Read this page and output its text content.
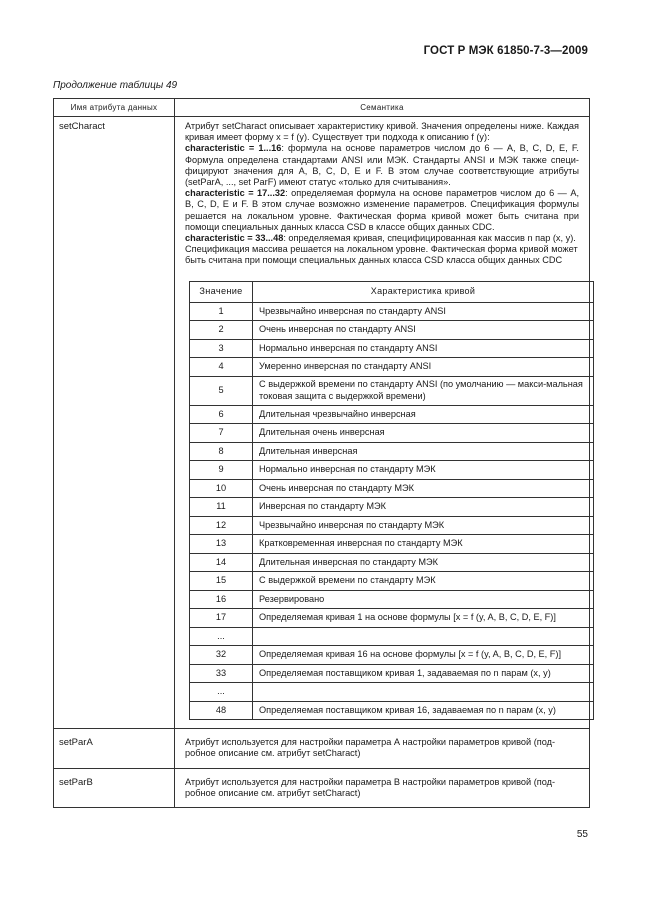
ГОСТ Р МЭК 61850-7-3—2009
Продолжение таблицы 49
Имя атрибута данных	Семантика
setCharact	Атрибут setCharact описывает характеристику кривой. Значения определены ниже. Каждая кривая имеет форму x = f (y). Существует три подхода к описанию f (y):

characteristic = 1...16: формула на основе параметров числом до 6 — А, В, С, D, E, F. Формула определена стандартами ANSI или МЭК. Стандарты ANSI и МЭК также специ-фицируют значения для А, В, С, D, E и F. В этом случае соответствующие атрибуты (setParA, ..., set ParF) имеют статус «только для считывания».

characteristic = 17...32: определяемая формула на основе параметров числом до 6 — А, В, С, D, E и F. В этом случае возможно изменение параметров. Спецификация формулы решается на локальном уровне. Фактическая форма кривой может быть считана при помощи специальных данных класса CSD в классе общих данных CDC.

characteristic = 33...48: определяемая кривая, специфицированная как массив n пар (x, y). Спецификация массива решается на локальном уровне. Фактическая форма кривой может быть считана при помощи специальных данных класса CSD класса общих данных CDC

Значение	Характеристика кривой
1	Чрезвычайно инверсная по стандарту ANSI
2	Очень инверсная по стандарту ANSI
3	Нормально инверсная по стандарту ANSI
4	Умеренно инверсная по стандарту ANSI
5	С выдержкой времени по стандарту ANSI (по умолчанию — макси-мальная токовая защита с выдержкой времени)
6	Длительная чрезвычайно инверсная
7	Длительная очень инверсная
8	Длительная инверсная
9	Нормально инверсная по стандарту МЭК
10	Очень инверсная по стандарту МЭК
11	Инверсная по стандарту МЭК
12	Чрезвычайно инверсная по стандарту МЭК
13	Кратковременная инверсная по стандарту МЭК
14	Длительная инверсная по стандарту МЭК
15	С выдержкой времени по стандарту МЭК
16	Резервировано
17	Определяемая кривая 1 на основе формулы [x = f (y, A, B, C, D, E, F)]
...	
32	Определяемая кривая 16 на основе формулы [x = f (y, A, B, C, D, E, F)]
33	Определяемая поставщиком кривая 1, задаваемая по n парам (x, y)
...	
48	Определяемая поставщиком кривая 16, задаваемая по n парам (x, y)

setParA	Атрибут используется для настройки параметра А настройки параметров кривой (под-робное описание см. атрибут setCharact)
setParB	Атрибут используется для настройки параметра В настройки параметров кривой (под-робное описание см. атрибут setCharact)
55
